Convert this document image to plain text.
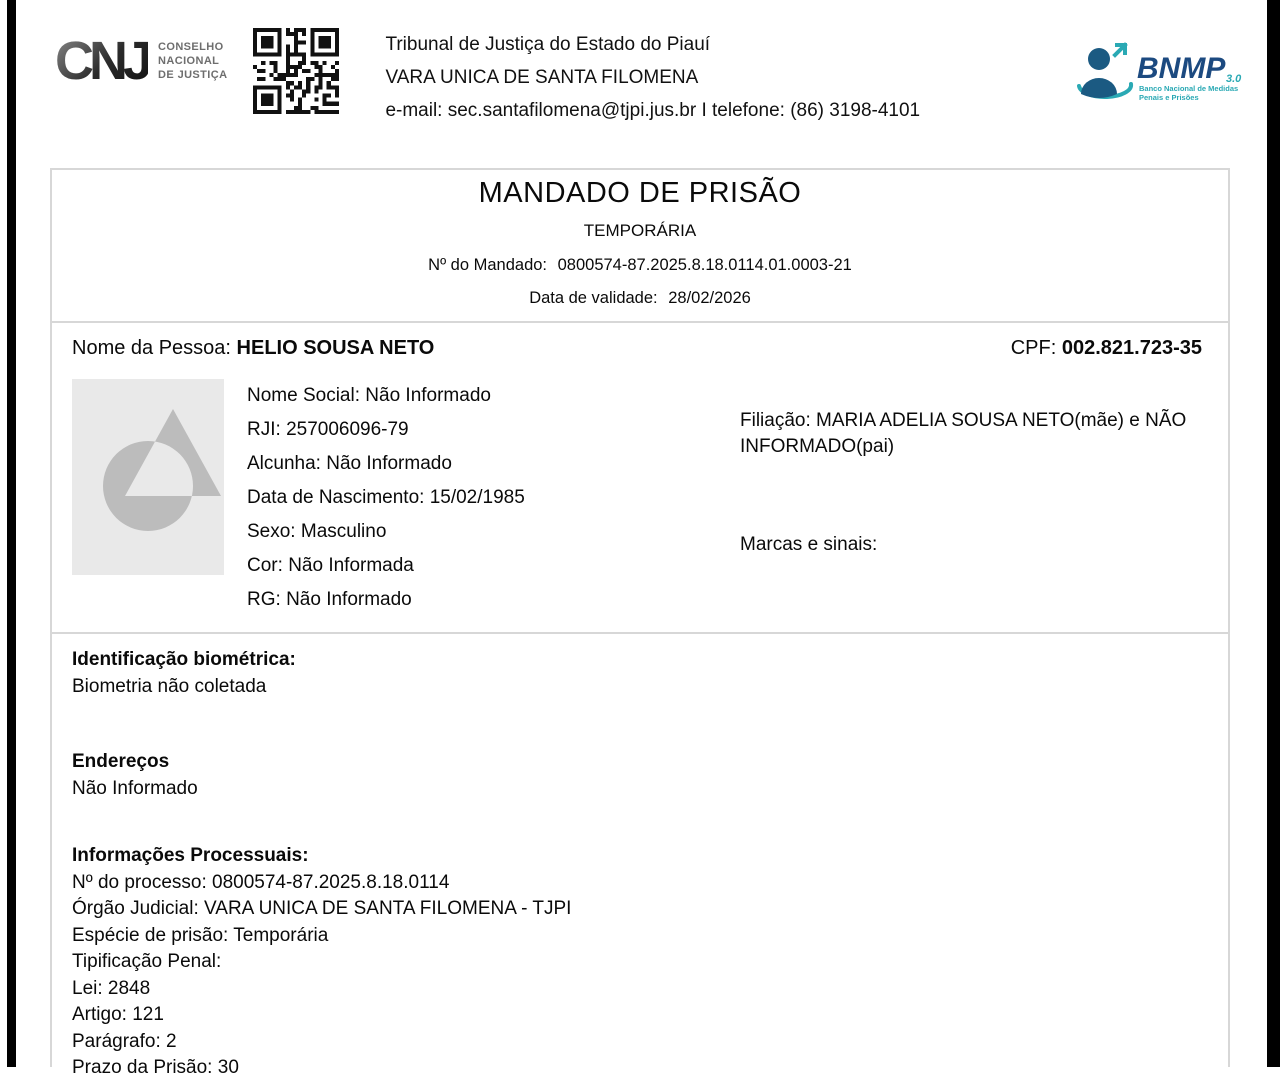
CNJ CONSELHO
NACIONAL
DE JUSTIÇA
Tribunal de Justiça do Estado do Piauí
VARA UNICA DE SANTA FILOMENA
e-mail: sec.santafilomena@tjpi.jus.br I telefone: (86) 3198-4101
BNMP 3.0
Banco Nacional de Medidas
Penais e Prisões
MANDADO DE PRISÃO
TEMPORÁRIA
Nº do Mandado: 0800574-87.2025.8.18.0114.01.0003-21
Data de validade: 28/02/2026
Nome da Pessoa: HELIO SOUSA NETO	CPF: 002.821.723-35
Nome Social: Não Informado
RJI: 257006096-79
Alcunha: Não Informado
Data de Nascimento: 15/02/1985
Sexo: Masculino
Cor: Não Informada
RG: Não Informado
Filiação: MARIA ADELIA SOUSA NETO(mãe) e NÃO INFORMADO(pai)
Marcas e sinais:
Identificação biométrica:
Biometria não coletada
Endereços
Não Informado
Informações Processuais:
Nº do processo: 0800574-87.2025.8.18.0114
Órgão Judicial: VARA UNICA DE SANTA FILOMENA - TJPI
Espécie de prisão: Temporária
Tipificação Penal:
Lei: 2848
Artigo: 121
Parágrafo: 2
Prazo da Prisão: 30
